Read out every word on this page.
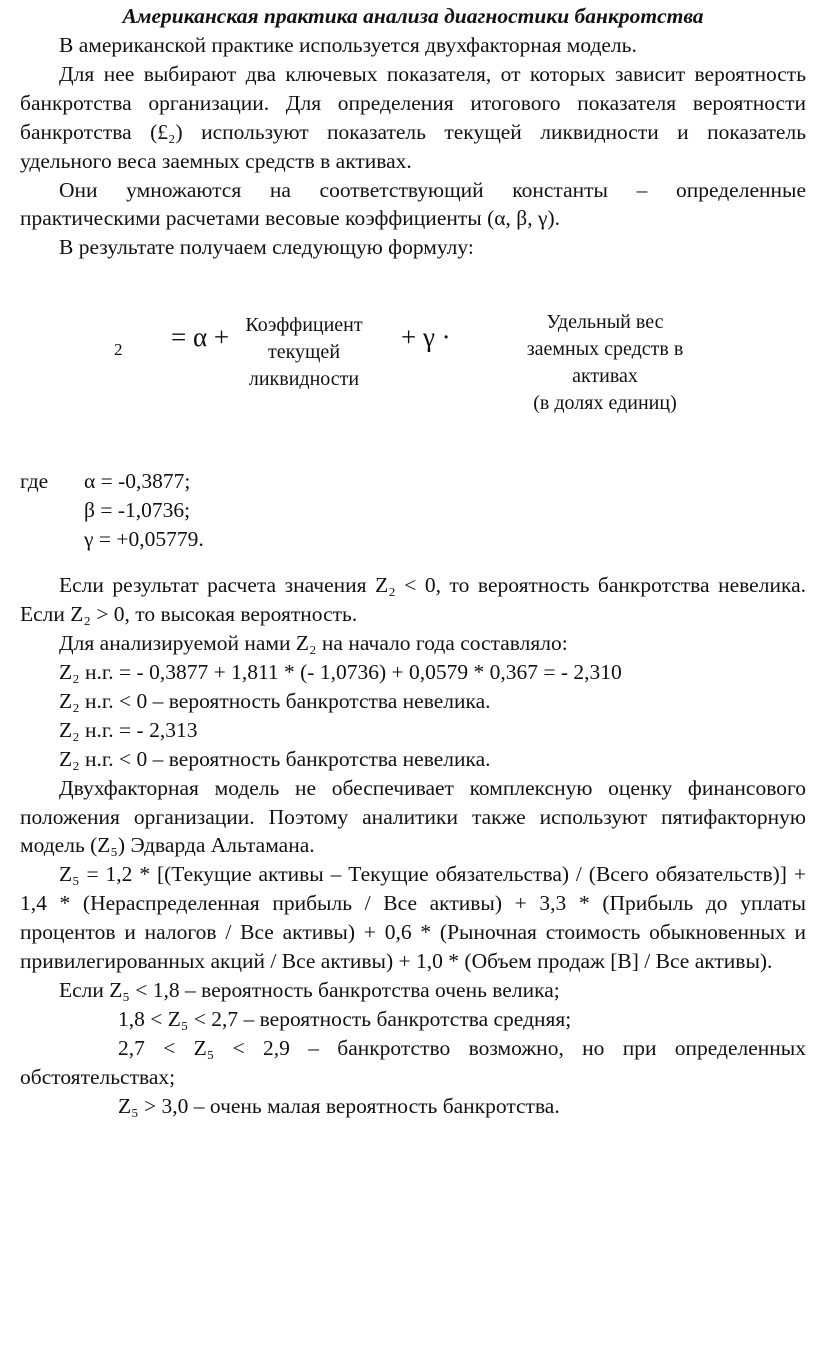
Американская практика анализа диагностики банкротства

В американской практике используется двухфакторная модель.

Для нее выбирают два ключевых показателя, от которых зависит вероятность банкротства организации. Для определения итогового показателя вероятности банкротства (£₂) используют показатель текущей ликвидности и показатель удельного веса заемных средств в активах.

Они умножаются на соответствующий константы – определенные практическими расчетами весовые коэффициенты (α, β, γ).

В результате получаем следующую формулу:

2 = α + Коэффициент
текущей
ликвидности
+ γ ·	Удельный вес
заемных средств в
активах
(в долях единиц)
где α = -0,3877;
β = -1,0736;
γ = +0,05779.

Если результат расчета значения Z₂ < 0, то вероятность банкротства невелика. Если Z₂ > 0, то высокая вероятность.

Для анализируемой нами Z₂ на начало года составляло:

Z₂ н.г. = - 0,3877 + 1,811 * (- 1,0736) + 0,0579 * 0,367 = - 2,310

Z₂ н.г. < 0 – вероятность банкротства невелика.

Z₂ н.г. = - 2,313

Z₂ н.г. < 0 – вероятность банкротства невелика.

Двухфакторная модель не обеспечивает комплексную оценку финансового положения организации. Поэтому аналитики также используют пятифакторную модель (Z₅) Эдварда Альтамана.

Z₅ = 1,2 * [(Текущие активы – Текущие обязательства) / (Всего обязательств)] + 1,4 * (Нераспределенная прибыль / Все активы) + 3,3 * (Прибыль до уплаты процентов и налогов / Все активы) + 0,6 * (Рыночная стоимость обыкновенных и привилегированных акций / Все активы) + 1,0 * (Объем продаж [В] / Все активы).

Если Z₅ < 1,8 – вероятность банкротства очень велика;

1,8 < Z₅ < 2,7 – вероятность банкротства средняя;

2,7 < Z₅ < 2,9 – банкротство возможно, но при определенных обстоятельствах;

Z₅ > 3,0 – очень малая вероятность банкротства.
